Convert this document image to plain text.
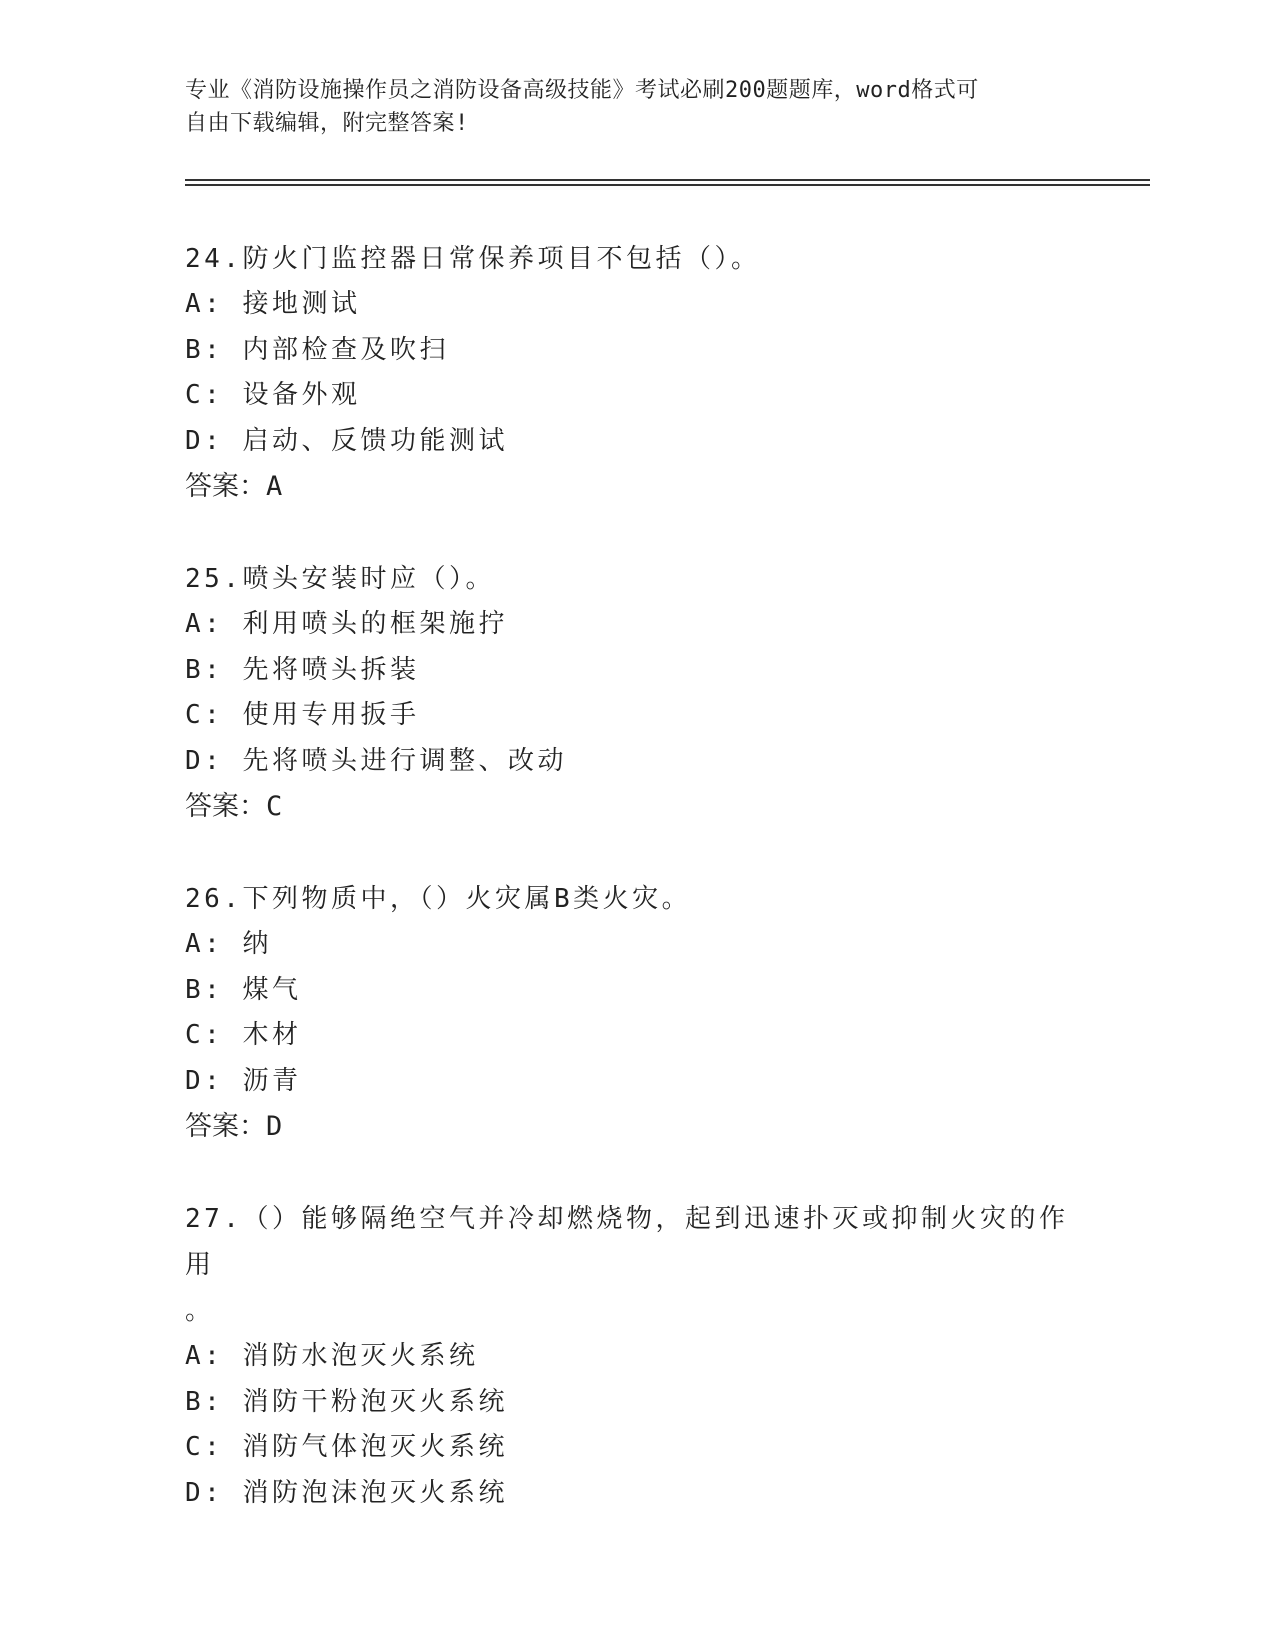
专业《消防设施操作员之消防设备高级技能》考试必刷200题题库，word格式可
自由下载编辑，附完整答案!

24.防火门监控器日常保养项目不包括（）。

A: 接地测试

B: 内部检查及吹扫

C: 设备外观

D: 启动、反馈功能测试

答案：A

25.喷头安装时应（）。

A: 利用喷头的框架施拧

B: 先将喷头拆装

C: 使用专用扳手

D: 先将喷头进行调整、改动

答案：C

26.下列物质中，（）火灾属B类火灾。

A: 纳

B: 煤气

C: 木材

D: 沥青

答案：D

27.（）能够隔绝空气并冷却燃烧物，起到迅速扑灭或抑制火灾的作用

。

A: 消防水泡灭火系统

B: 消防干粉泡灭火系统

C: 消防气体泡灭火系统

D: 消防泡沫泡灭火系统
